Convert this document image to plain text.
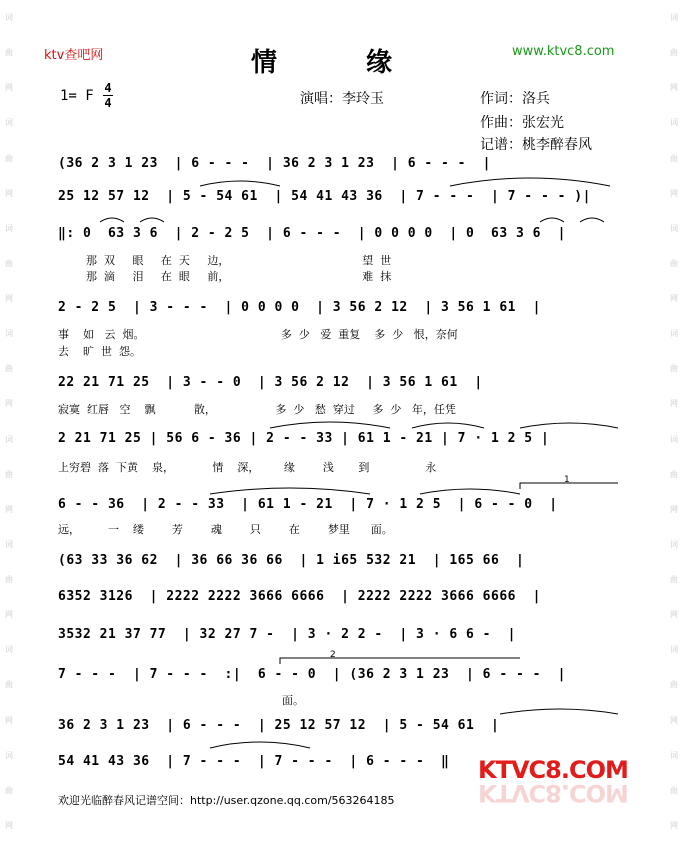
词
曲
网
词
曲
网
词
曲
网
词
曲
网
词
曲
网
词
曲
网
词
曲
网
词
曲
网
词
曲
网
词
曲
网
词
曲
网
词
曲
网
词
曲
网
词
曲
网
词
曲
网
词
曲
网
ktv查吧网	www.ktvc8.com
情 缘
1= F 4
4	演唱：李玲玉	作词：洛兵
作曲：张宏光
记谱：桃李醉春风
(36 2 3 1 23  | 6 - - -  | 36 2 3 1 23  | 6 - - -  |
25 12 57 12  | 5 - 54 61  | 54 41 43 36  | 7 - - -  | 7 - - - )|
‖: 0  63 3 6  | 2 - 2 5  | 6 - - -  | 0 0 0 0  | 0  63 3 6  |
那  双     眼     在  天     边，                                      望  世
那  滴     泪     在  眼     前，                                      难  抹
2 - 2 5  | 3 - - -  | 0 0 0 0  | 3 56 2 12  | 3 56 1 61  |
事    如   云  烟。                                       多  少   爱  重复    多  少   恨，奈何
去    旷  世  怨。
22 21 71 25  | 3 - - 0  | 3 56 2 12  | 3 56 1 61  |
寂寞  红唇   空    飘           散，                 多  少   愁  穿过     多  少   年，任凭
2 21 71 25 | 56 6 - 36 | 2 - - 33 | 61 1 - 21 | 7 · 1 2 5 |
上穷碧  落  下黄    泉，           情    深，       缘        浅       到                永
6 - - 36  | 2 - - 33  | 61 1 - 21  | 7 · 1 2 5  | 6 - - 0  |
远，        一    缕        芳        魂        只        在        梦里      面。
(63 33 36 62  | 36 66 36 66  | 1 i65 532 21  | 165 66  |
6352 3126  | 2222 2222 3666 6666  | 2222 2222 3666 6666  |
3532 21 37 77  | 32 27 7 -  | 3 · 2 2 -  | 3 · 6 6 -  |
7 - - -  | 7 - - -  :|  6 - - 0  | (36 2 3 1 23  | 6 - - -  |
面。
36 2 3 1 23  | 6 - - -  | 25 12 57 12  | 5 - 54 61  |
54 41 43 36  | 7 - - -  | 7 - - -  | 6 - - -  ‖
1
2
欢迎光临醉春风记谱空间：http://user.qzone.qq.com/563264185
KTVC8.COM
KTVC8.COM
